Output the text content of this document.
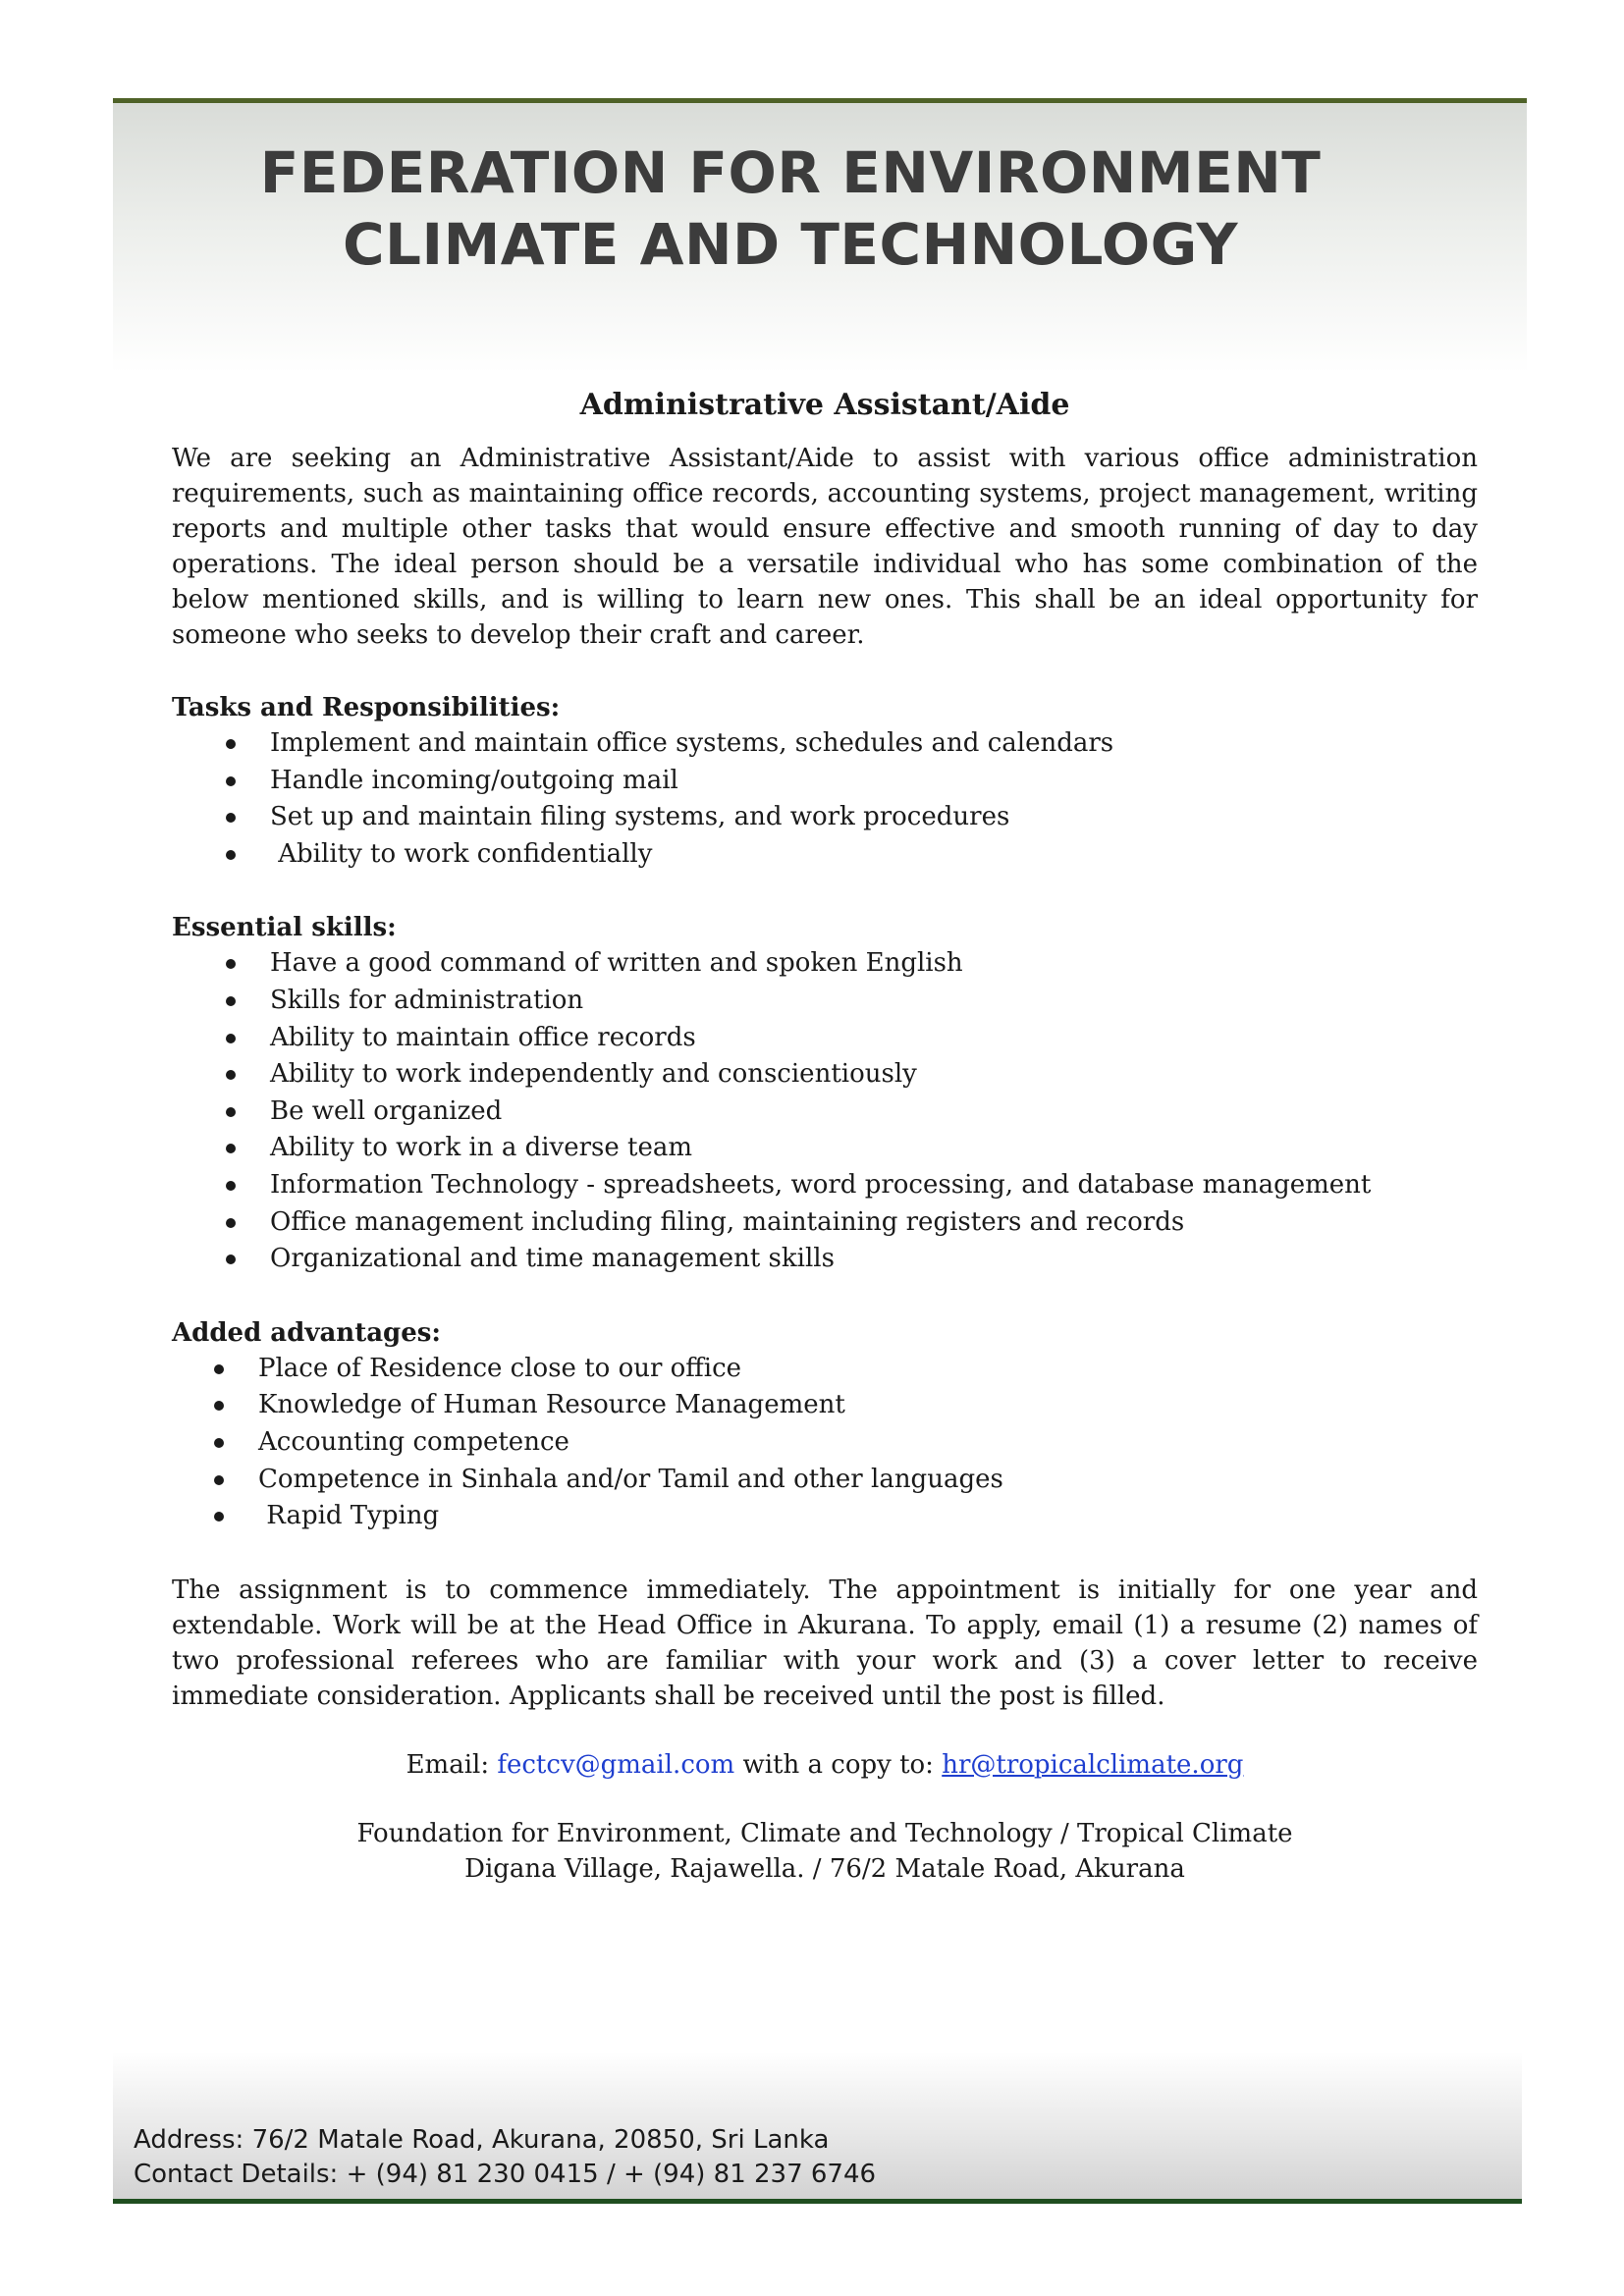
FEDERATION FOR ENVIRONMENT
CLIMATE AND TECHNOLOGY
Administrative Assistant/Aide

We are seeking an Administrative Assistant/Aide to assist with various office administration requirements, such as maintaining office records, accounting systems, project management, writing reports and multiple other tasks that would ensure effective and smooth running of day to day operations. The ideal person should be a versatile individual who has some combination of the below mentioned skills, and is willing to learn new ones. This shall be an ideal opportunity for someone who seeks to develop their craft and career.

Tasks and Responsibilities:
Implement and maintain office systems, schedules and calendars
Handle incoming/outgoing mail
Set up and maintain filing systems, and work procedures
Ability to work confidentially
Essential skills:
Have a good command of written and spoken English
Skills for administration
Ability to maintain office records
Ability to work independently and conscientiously
Be well organized
Ability to work in a diverse team
Information Technology - spreadsheets, word processing, and database management
Office management including filing, maintaining registers and records
Organizational and time management skills
Added advantages:
Place of Residence close to our office
Knowledge of Human Resource Management
Accounting competence
Competence in Sinhala and/or Tamil and other languages
Rapid Typing

The assignment is to commence immediately. The appointment is initially for one year and extendable. Work will be at the Head Office in Akurana. To apply, email (1) a resume (2) names of two professional referees who are familiar with your work and (3) a cover letter to receive immediate consideration. Applicants shall be received until the post is filled.

Email: fectcv@gmail.com with a copy to: hr@tropicalclimate.org
Foundation for Environment, Climate and Technology / Tropical Climate
Digana Village, Rajawella. / 76/2 Matale Road, Akurana
Address: 76/2 Matale Road, Akurana, 20850, Sri Lanka
Contact Details: + (94) 81 230 0415 / + (94) 81 237 6746
